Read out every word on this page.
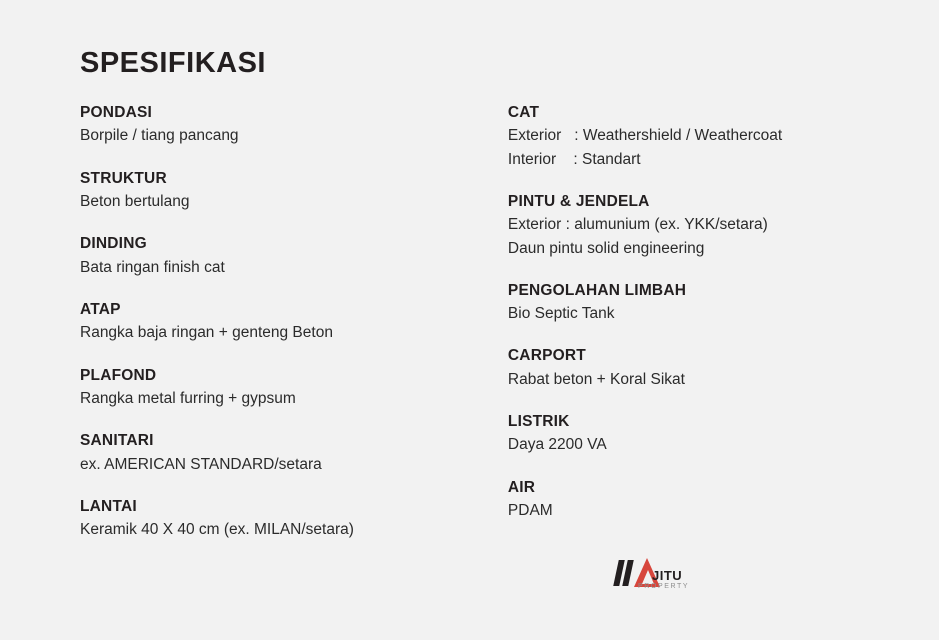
SPESIFIKASI
PONDASI
Borpile / tiang pancang
STRUKTUR
Beton bertulang
DINDING
Bata ringan finish cat
ATAP
Rangka baja ringan + genteng Beton
PLAFOND
Rangka metal furring + gypsum
SANITARI
ex. AMERICAN STANDARD/setara
LANTAI
Keramik 40 X 40 cm (ex. MILAN/setara)
CAT
Exterior   : Weathershield / Weathercoat
Interior    : Standart
PINTU & JENDELA
Exterior : alumunium (ex. YKK/setara)
Daun pintu solid engineering
PENGOLAHAN LIMBAH
Bio Septic Tank
CARPORT
Rabat beton + Koral Sikat
LISTRIK
Daya 2200 VA
AIR
PDAM
JITU
PROPERTY
